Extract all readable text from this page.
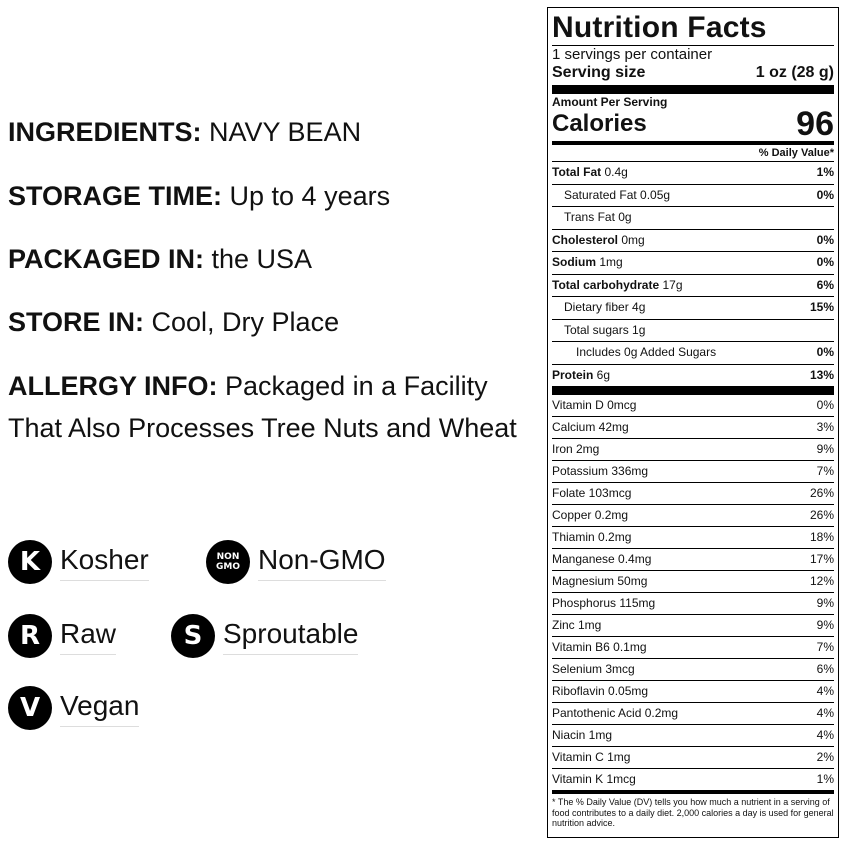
INGREDIENTS: NAVY BEAN
STORAGE TIME: Up to 4 years
PACKAGED IN: the USA
STORE IN: Cool, Dry Place
ALLERGY INFO: Packaged in a Facility That Also Processes Tree Nuts and Wheat
K Kosher	NON
GMO Non-GMO
R Raw	S Sproutable
V Vegan
Nutrition Facts
1 servings per container
Serving size	1 oz (28 g)
Amount Per Serving
Calories	96
% Daily Value*
Total Fat 0.4g	1%
Saturated Fat 0.05g	0%
Trans Fat 0g
Cholesterol 0mg	0%
Sodium 1mg	0%
Total carbohydrate 17g	6%
Dietary fiber 4g	15%
Total sugars 1g
Includes 0g Added Sugars	0%
Protein 6g	13%
Vitamin D 0mcg	0%
Calcium 42mg	3%
Iron 2mg	9%
Potassium 336mg	7%
Folate 103mcg	26%
Copper 0.2mg	26%
Thiamin 0.2mg	18%
Manganese 0.4mg	17%
Magnesium 50mg	12%
Phosphorus 115mg	9%
Zinc 1mg	9%
Vitamin B6 0.1mg	7%
Selenium 3mcg	6%
Riboflavin 0.05mg	4%
Pantothenic Acid 0.2mg	4%
Niacin 1mg	4%
Vitamin C 1mg	2%
Vitamin K 1mcg	1%
* The % Daily Value (DV) tells you how much a nutrient in a serving of food contributes to a daily diet. 2,000 calories a day is used for general nutrition advice.
